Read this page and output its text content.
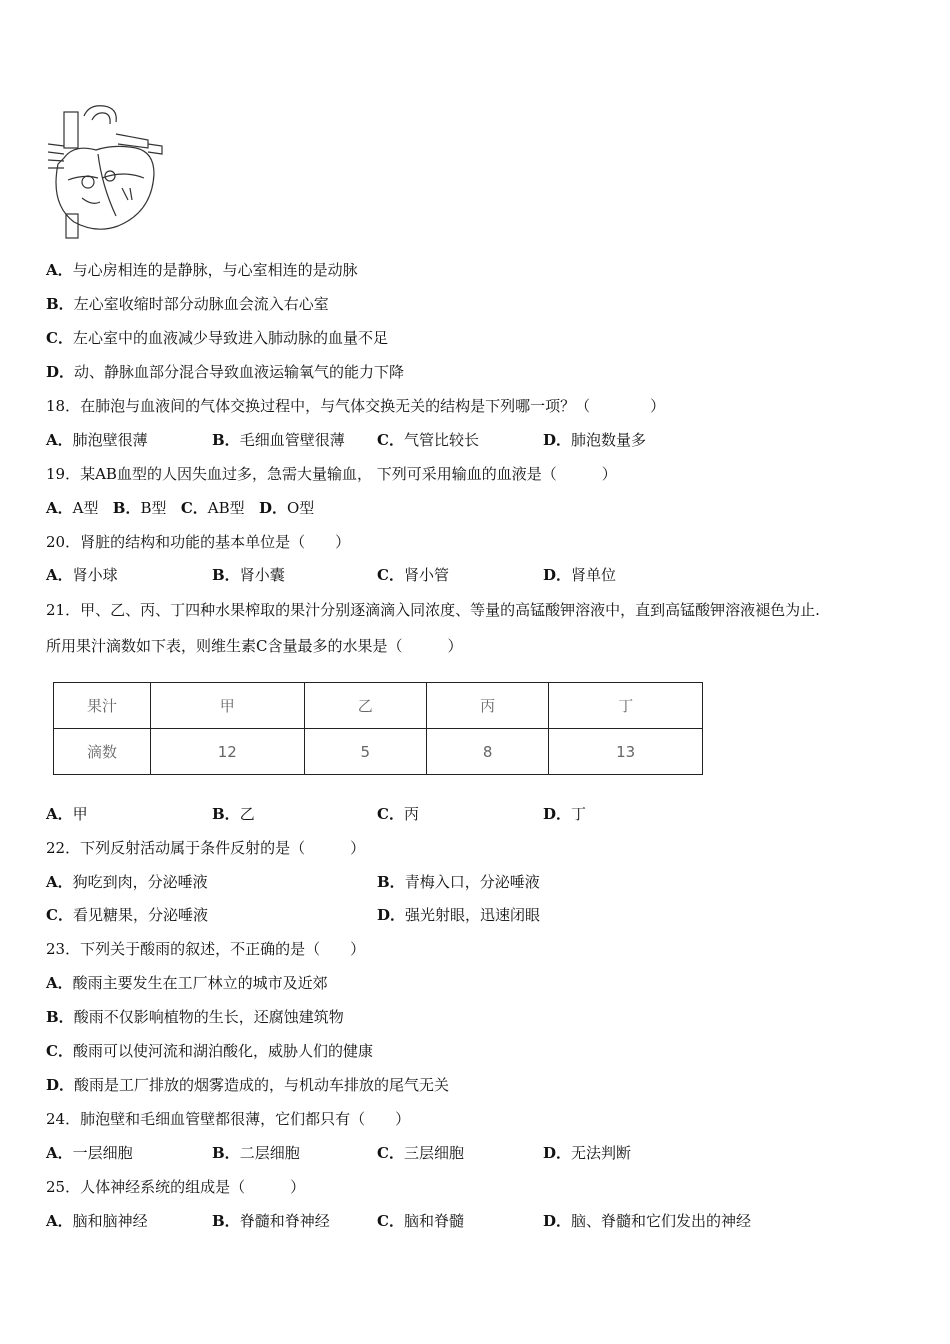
A．与心房相连的是静脉，与心室相连的是动脉
B．左心室收缩时部分动脉血会流入右心室
C．左心室中的血液减少导致进入肺动脉的血量不足
D．动、静脉血部分混合导致血液运输氧气的能力下降
18．在肺泡与血液间的气体交换过程中，与气体交换无关的结构是下列哪一项？（　　　　）
A．肺泡壁很薄	B．毛细血管壁很薄 C．气管比较长	D．肺泡数量多
19．某AB血型的人因失血过多，急需大量输血， 下列可采用输血的血液是（　　　）
A．A型 B．B型 C．AB型 D．O型
20．肾脏的结构和功能的基本单位是（　　）
A．肾小球	B．肾小囊	C．肾小管	D．肾单位
21．甲、乙、丙、丁四种水果榨取的果汁分别逐滴滴入同浓度、等量的高锰酸钾溶液中，直到高锰酸钾溶液褪色为止.
所用果汁滴数如下表，则维生素C含量最多的水果是（　　　）
果汁	甲	乙	丙	丁
滴数	12	5	8	13
A．甲	B．乙	C．丙	D．丁
22．下列反射活动属于条件反射的是（　　　）
A．狗吃到肉，分泌唾液	B．青梅入口，分泌唾液
C．看见糖果，分泌唾液	D．强光射眼，迅速闭眼
23．下列关于酸雨的叙述，不正确的是（　　）
A．酸雨主要发生在工厂林立的城市及近郊
B．酸雨不仅影响植物的生长，还腐蚀建筑物
C．酸雨可以使河流和湖泊酸化，威胁人们的健康
D．酸雨是工厂排放的烟雾造成的，与机动车排放的尾气无关
24．肺泡壁和毛细血管壁都很薄，它们都只有（　　）
A．一层细胞	B．二层细胞	C．三层细胞	D．无法判断
25．人体神经系统的组成是（　　　）
A．脑和脑神经	B．脊髓和脊神经	C．脑和脊髓	D．脑、脊髓和它们发出的神经
